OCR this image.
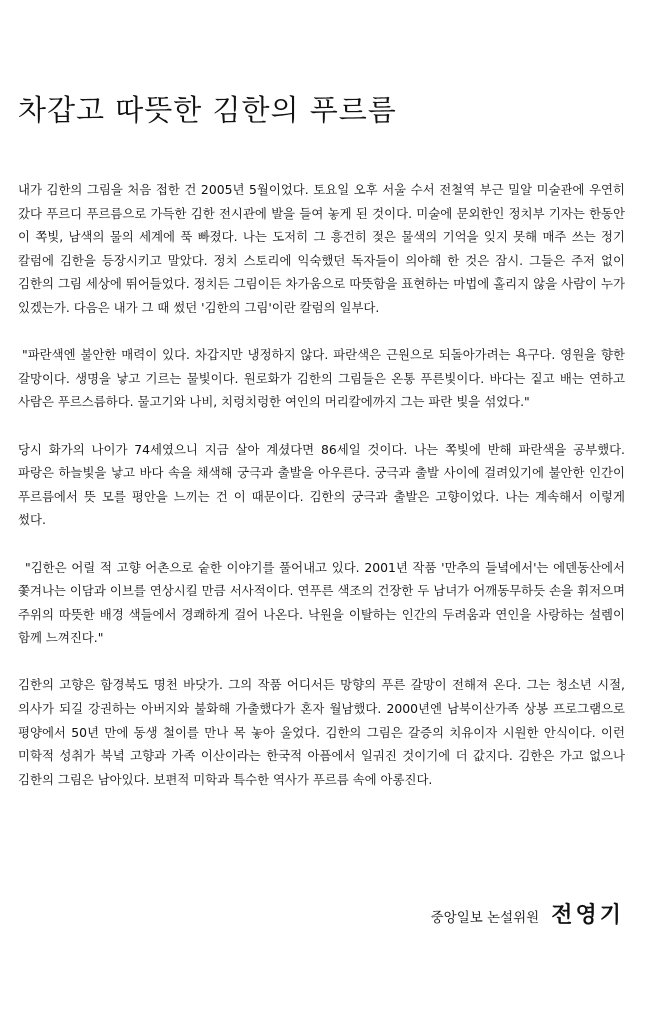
차갑고 따뜻한 김한의 푸르름

내가 김한의 그림을 처음 접한 건 2005년 5월이었다. 토요일 오후 서울 수서 전철역 부근 밀알 미술관에 우연히 갔다 푸르디 푸르름으로 가득한 김한 전시관에 발을 들여 놓게 된 것이다. 미술에 문외한인 정치부 기자는 한동안 이 쪽빛, 남색의 물의 세계에 푹 빠졌다. 나는 도저히 그 흥건히 젖은 물색의 기억을 잊지 못해 매주 쓰는 정기 칼럼에 김한을 등장시키고 말았다. 정치 스토리에 익숙했던 독자들이 의아해 한 것은 잠시. 그들은 주저 없이 김한의 그림 세상에 뛰어들었다. 정치든 그림이든 차가움으로 따뜻함을 표현하는 마법에 홀리지 않을 사람이 누가 있겠는가. 다음은 내가 그 때 썼던 '김한의 그림'이란 칼럼의 일부다.

"파란색엔 불안한 매력이 있다. 차갑지만 냉정하지 않다. 파란색은 근원으로 되돌아가려는 욕구다. 영원을 향한 갈망이다. 생명을 낳고 기르는 물빛이다. 원로화가 김한의 그림들은 온통 푸른빛이다. 바다는 짙고 배는 연하고 사람은 푸르스름하다. 물고기와 나비, 치렁치렁한 여인의 머리칼에까지 그는 파란 빛을 섞었다."

당시 화가의 나이가 74세였으니 지금 살아 계셨다면 86세일 것이다. 나는 쪽빛에 반해 파란색을 공부했다. 파랑은 하늘빛을 낳고 바다 속을 채색해 궁극과 출발을 아우른다. 궁극과 출발 사이에 걸려있기에 불안한 인간이 푸르름에서 뜻 모를 평안을 느끼는 건 이 때문이다. 김한의 궁극과 출발은 고향이었다. 나는 계속해서 이렇게 썼다.

"김한은 어릴 적 고향 어촌으로 숱한 이야기를 풀어내고 있다. 2001년 작품 '만추의 들녘에서'는 에덴동산에서 쫓겨나는 이담과 이브를 연상시킬 만큼 서사적이다. 연푸른 색조의 건장한 두 남녀가 어깨동무하듯 손을 휘저으며 주위의 따뜻한 배경 색들에서 경쾌하게 걸어 나온다. 낙원을 이탈하는 인간의 두려움과 연인을 사랑하는 설렘이 함께 느껴진다."

김한의 고향은 함경북도 명천 바닷가. 그의 작품 어디서든 망향의 푸른 갈망이 전해져 온다. 그는 청소년 시절, 의사가 되길 강권하는 아버지와 불화해 가출했다가 혼자 월남했다. 2000년엔 남북이산가족 상봉 프로그램으로 평양에서 50년 만에 동생 철이를 만나 목 놓아 울었다. 김한의 그림은 갈증의 치유이자 시원한 안식이다. 이런 미학적 성취가 북녘 고향과 가족 이산이라는 한국적 아픔에서 일궈진 것이기에 더 값지다. 김한은 가고 없으나 김한의 그림은 남아있다. 보편적 미학과 특수한 역사가 푸르름 속에 아롱진다.

중앙일보 논설위원 전영기
